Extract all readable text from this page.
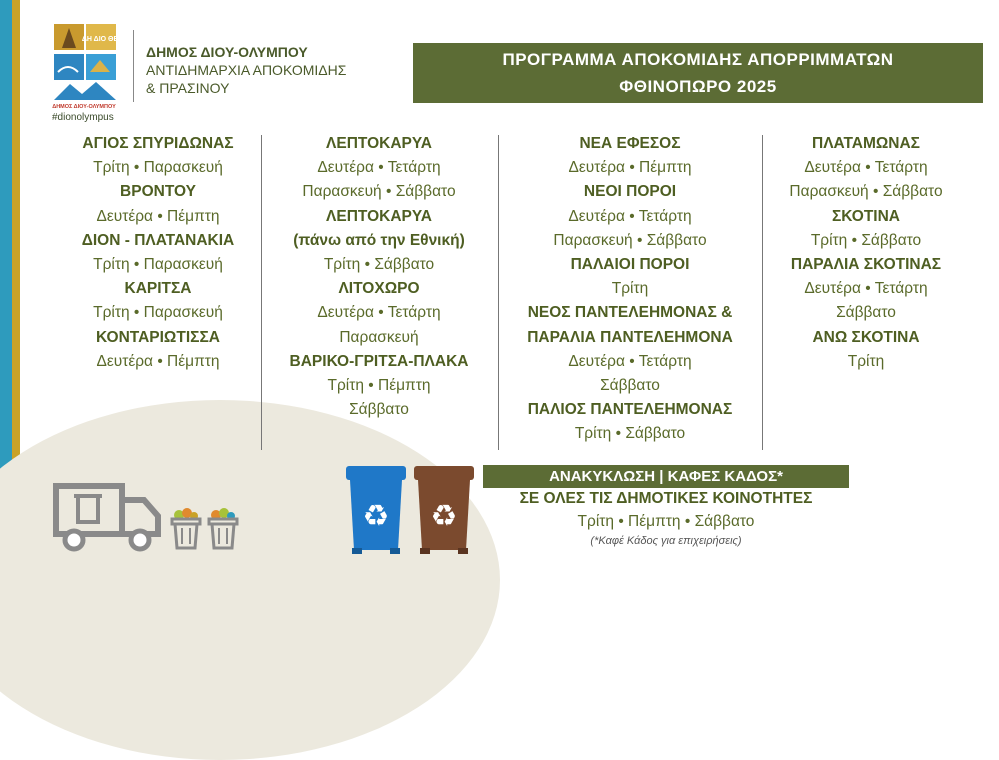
ΔΗ ΔΙΟ ΘΕΙ
ΔΗΜΟΣ ΔΙΟΥ-ΟΛΥΜΠΟΥ
#dionolympus
ΔΗΜΟΣ ΔΙΟΥ-ΟΛΥΜΠΟΥ
ΑΝΤΙΔΗΜΑΡΧΙΑ ΑΠΟΚΟΜΙΔΗΣ
& ΠΡΑΣΙΝΟΥ
ΠΡΟΓΡΑΜΜΑ ΑΠΟΚΟΜΙΔΗΣ ΑΠΟΡΡΙΜΜΑΤΩΝ
ΦΘΙΝΟΠΩΡΟ 2025
ΑΓΙΟΣ ΣΠΥΡΙΔΩΝΑΣ
Τρίτη • Παρασκευή
ΒΡΟΝΤΟΥ
Δευτέρα • Πέμπτη
ΔΙΟΝ - ΠΛΑΤΑΝΑΚΙΑ
Τρίτη • Παρασκευή
ΚΑΡΙΤΣΑ
Τρίτη • Παρασκευή
ΚΟΝΤΑΡΙΩΤΙΣΣΑ
Δευτέρα • Πέμπτη
ΛΕΠΤΟΚΑΡΥΑ
Δευτέρα • Τετάρτη
Παρασκευή • Σάββατο
ΛΕΠΤΟΚΑΡΥΑ
(πάνω από την Εθνική)
Τρίτη • Σάββατο
ΛΙΤΟΧΩΡΟ
Δευτέρα • Τετάρτη
Παρασκευή
ΒΑΡΙΚΟ-ΓΡΙΤΣΑ-ΠΛΑΚΑ
Τρίτη • Πέμπτη
Σάββατο
ΝΕΑ ΕΦΕΣΟΣ
Δευτέρα • Πέμπτη
ΝΕΟΙ ΠΟΡΟΙ
Δευτέρα • Τετάρτη
Παρασκευή • Σάββατο
ΠΑΛΑΙΟΙ ΠΟΡΟΙ
Τρίτη
ΝΕΟΣ ΠΑΝΤΕΛΕΗΜΟΝΑΣ &
ΠΑΡΑΛΙΑ ΠΑΝΤΕΛΕΗΜΟΝΑ
Δευτέρα • Τετάρτη
Σάββατο
ΠΑΛΙΟΣ ΠΑΝΤΕΛΕΗΜΟΝΑΣ
Τρίτη • Σάββατο
ΠΛΑΤΑΜΩΝΑΣ
Δευτέρα • Τετάρτη
Παρασκευή • Σάββατο
ΣΚΟΤΙΝΑ
Τρίτη • Σάββατο
ΠΑΡΑΛΙΑ ΣΚΟΤΙΝΑΣ
Δευτέρα • Τετάρτη
Σάββατο
ΑΝΩ ΣΚΟΤΙΝΑ
Τρίτη
♻ ♻
ΑΝΑΚΥΚΛΩΣΗ | ΚΑΦΕΣ ΚΑΔΟΣ*
ΣΕ ΟΛΕΣ ΤΙΣ ΔΗΜΟΤΙΚΕΣ ΚΟΙΝΟΤΗΤΕΣ
Τρίτη • Πέμπτη • Σάββατο
(*Καφέ Κάδος για επιχειρήσεις)
